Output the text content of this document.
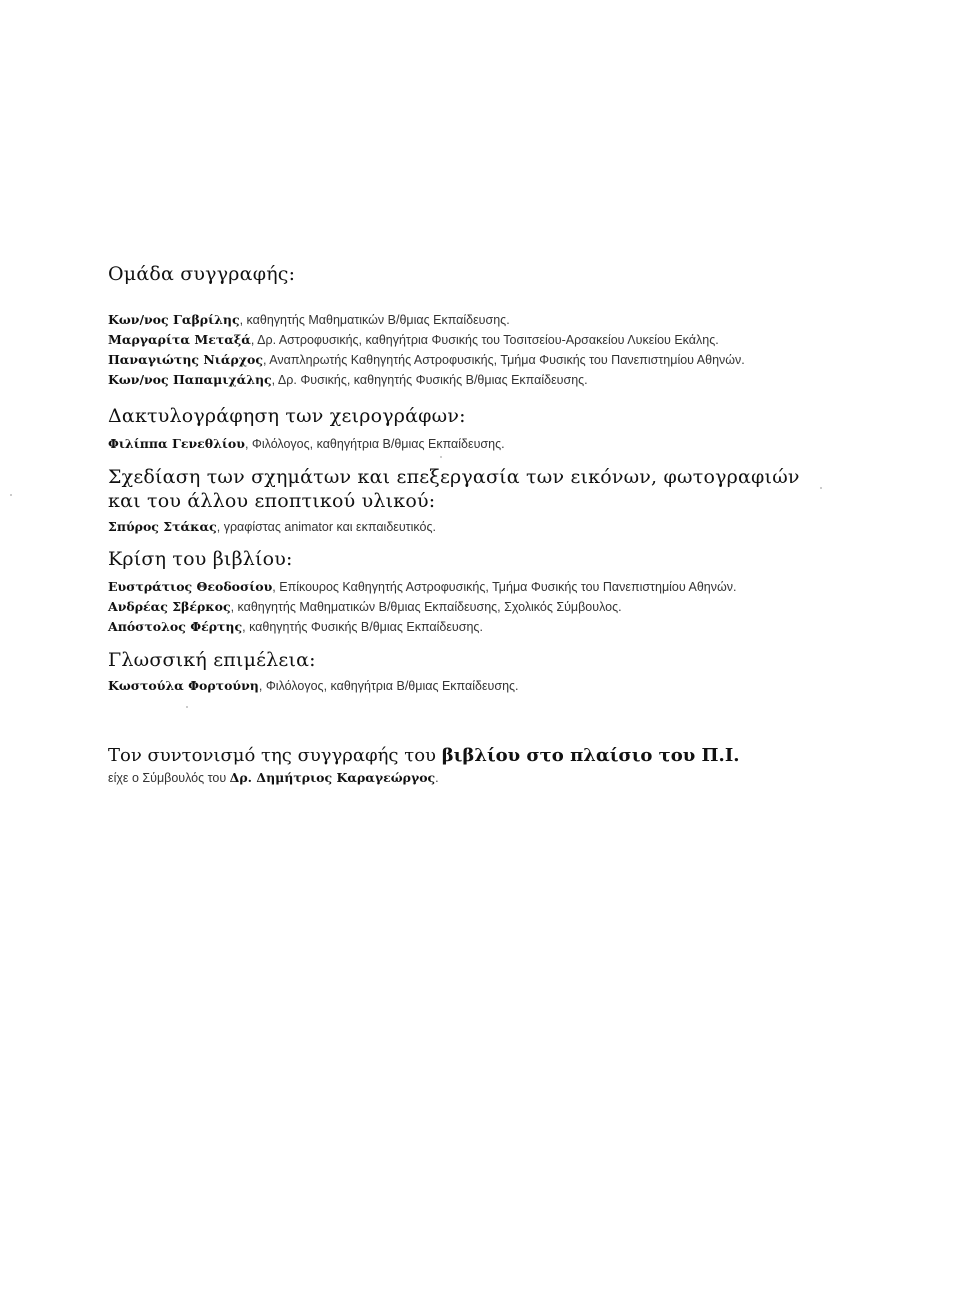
Ομάδα συγγραφής:

Κων/νος Γαβρίλης, καθηγητής Μαθηματικών Β/θμιας Εκπαίδευσης.

Μαργαρίτα Μεταξά, Δρ. Αστροφυσικής, καθηγήτρια Φυσικής του Τοσιτσείου-Αρσακείου Λυκείου Εκάλης.

Παναγιώτης Νιάρχος, Αναπληρωτής Καθηγητής Αστροφυσικής, Τμήμα Φυσικής του Πανεπιστημίου Αθηνών.

Κων/νος Παπαμιχάλης, Δρ. Φυσικής, καθηγητής Φυσικής Β/θμιας Εκπαίδευσης.

Δακτυλογράφηση των χειρογράφων:

Φιλίππα Γενεθλίου, Φιλόλογος, καθηγήτρια Β/θμιας Εκπαίδευσης.

Σχεδίαση των σχημάτων και επεξεργασία των εικόνων, φωτογραφιών
και του άλλου εποπτικού υλικού:

Σπύρος Στάκας, γραφίστας animator και εκπαιδευτικός.

Κρίση του βιβλίου:

Ευστράτιος Θεοδοσίου, Επίκουρος Καθηγητής Αστροφυσικής, Τμήμα Φυσικής του Πανεπιστημίου Αθηνών.

Ανδρέας Σβέρκος, καθηγητής Μαθηματικών Β/θμιας Εκπαίδευσης, Σχολικός Σύμβουλος.

Απόστολος Φέρτης, καθηγητής Φυσικής Β/θμιας Εκπαίδευσης.

Γλωσσική επιμέλεια:

Κωστούλα Φορτούνη, Φιλόλογος, καθηγήτρια Β/θμιας Εκπαίδευσης.

Τον συντονισμό της συγγραφής του βιβλίου στο πλαίσιο του Π.Ι.

είχε ο Σύμβουλός του Δρ. Δημήτριος Καραγεώργος.
